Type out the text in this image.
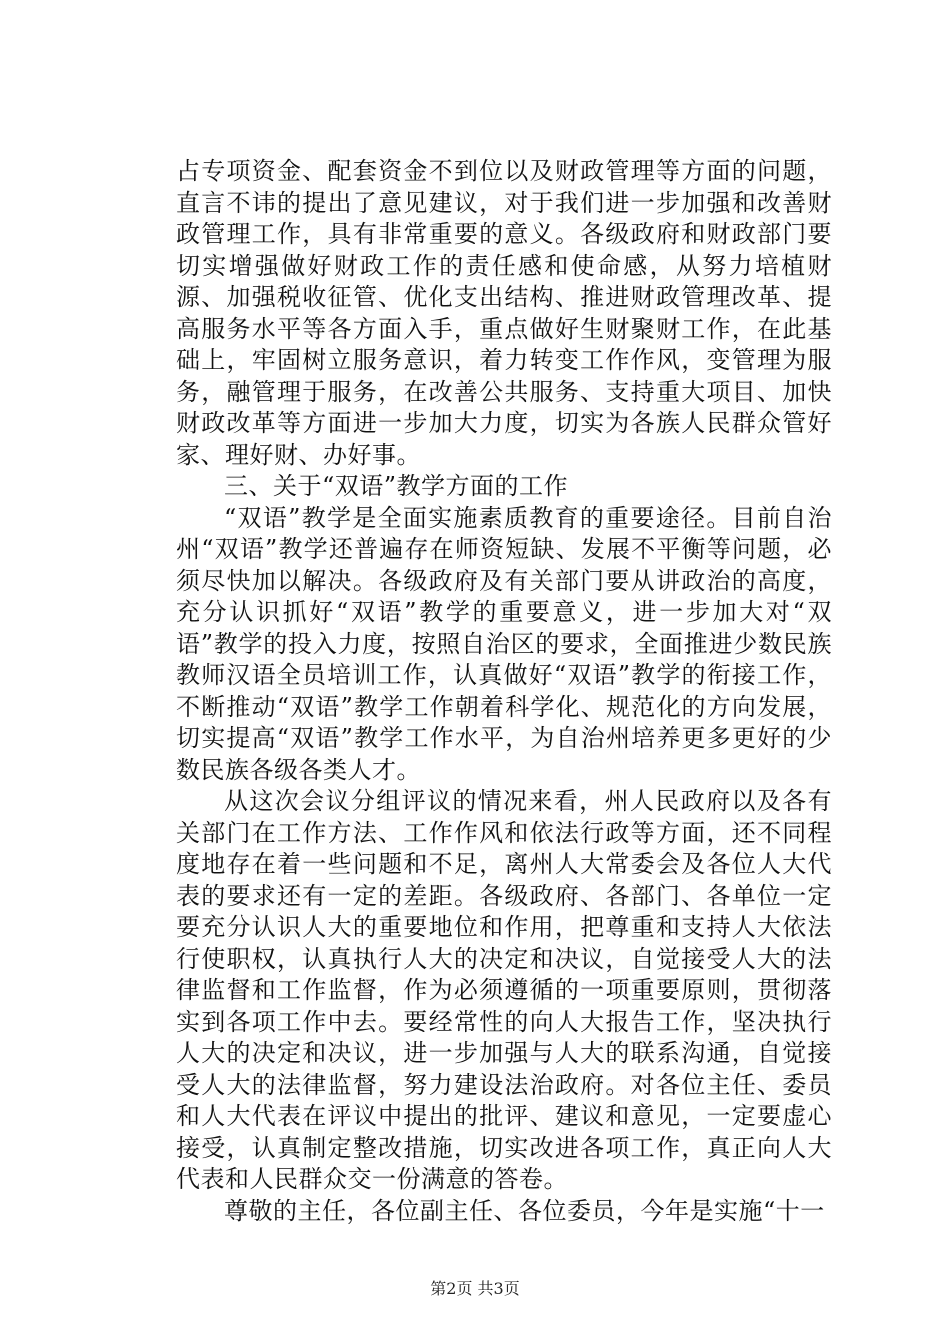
占专项资金、配套资金不到位以及财政管理等方面的问题，直言不讳的提出了意见建议，对于我们进一步加强和改善财政管理工作，具有非常重要的意义。各级政府和财政部门要切实增强做好财政工作的责任感和使命感，从努力培植财源、加强税收征管、优化支出结构、推进财政管理改革、提高服务水平等各方面入手，重点做好生财聚财工作，在此基础上，牢固树立服务意识，着力转变工作作风，变管理为服务，融管理于服务，在改善公共服务、支持重大项目、加快财政改革等方面进一步加大力度，切实为各族人民群众管好家、理好财、办好事。

三、关于“双语”教学方面的工作

“双语”教学是全面实施素质教育的重要途径。目前自治州“双语”教学还普遍存在师资短缺、发展不平衡等问题，必须尽快加以解决。各级政府及有关部门要从讲政治的高度，充分认识抓好“双语”教学的重要意义，进一步加大对“双语”教学的投入力度，按照自治区的要求，全面推进少数民族教师汉语全员培训工作，认真做好“双语”教学的衔接工作，不断推动“双语”教学工作朝着科学化、规范化的方向发展，切实提高“双语”教学工作水平，为自治州培养更多更好的少数民族各级各类人才。

从这次会议分组评议的情况来看，州人民政府以及各有关部门在工作方法、工作作风和依法行政等方面，还不同程度地存在着一些问题和不足，离州人大常委会及各位人大代表的要求还有一定的差距。各级政府、各部门、各单位一定要充分认识人大的重要地位和作用，把尊重和支持人大依法行使职权，认真执行人大的决定和决议，自觉接受人大的法律监督和工作监督，作为必须遵循的一项重要原则，贯彻落实到各项工作中去。要经常性的向人大报告工作，坚决执行人大的决定和决议，进一步加强与人大的联系沟通，自觉接受人大的法律监督，努力建设法治政府。对各位主任、委员和人大代表在评议中提出的批评、建议和意见，一定要虚心接受，认真制定整改措施，切实改进各项工作，真正向人大代表和人民群众交一份满意的答卷。

尊敬的主任，各位副主任、各位委员，今年是实施“十一

第2页 共3页
